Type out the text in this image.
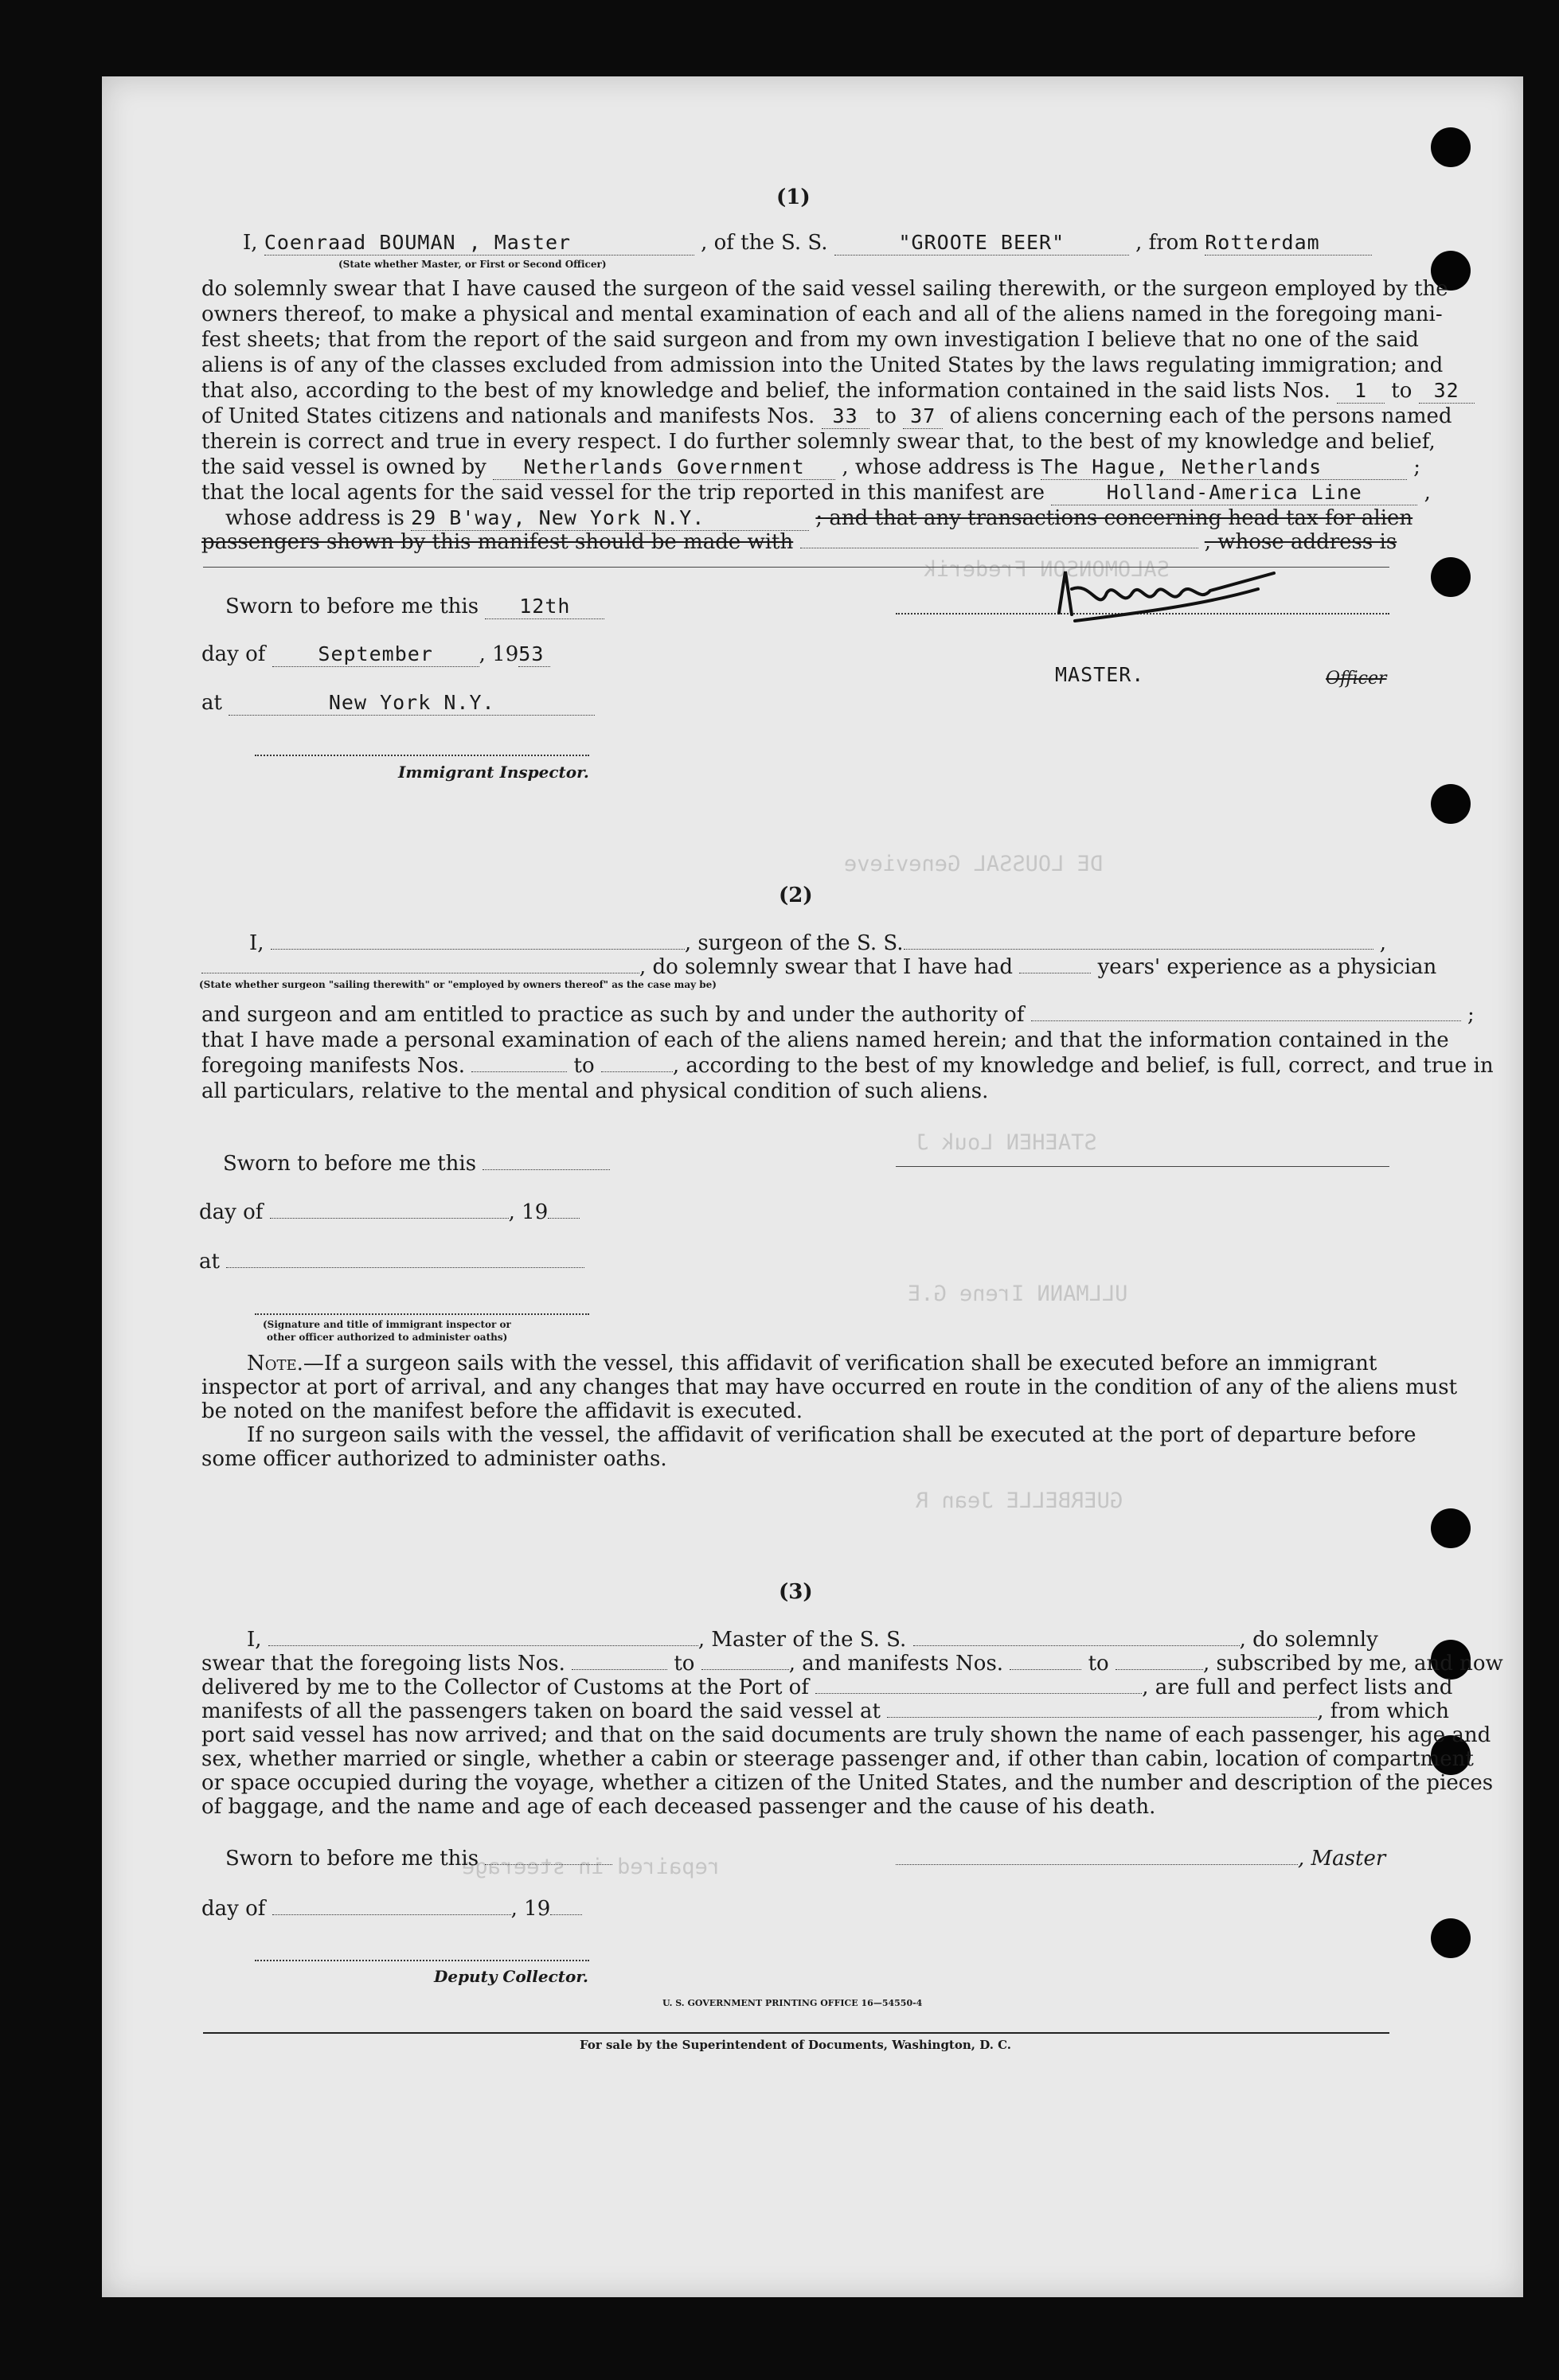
SALOMONSON Frederik
DE LOUSSAL Genevieve
STAEHEN Louk J
ULLMANN Irene G.E
GUERBELLE Jean R
repaired in steerage
(1)
I, Coenraad BOUMAN , Master	, of the S. S.	"GROOTE BEER"	, from Rotterdam
(State whether Master, or First or Second Officer)
do solemnly swear that I have caused the surgeon of the said vessel sailing therewith, or the surgeon employed by the
owners thereof, to make a physical and mental examination of each and all of the aliens named in the foregoing mani-
fest sheets; that from the report of the said surgeon and from my own investigation I believe that no one of the said
aliens is of any of the classes excluded from admission into the United States by the laws regulating immigration; and
that also, according to the best of my knowledge and belief, the information contained in the said lists Nos. 1 to 32
of United States citizens and nationals and manifests Nos. 33 to 37 of aliens concerning each of the persons named
therein is correct and true in every respect. I do further solemnly swear that, to the best of my knowledge and belief,
the said vessel is owned by Netherlands Government , whose address is The Hague, Netherlands	;
that the local agents for the said vessel for the trip reported in this manifest are	Holland-America Line	,
whose address is 29 B'way, New York N.Y.	; and that any transactions concerning head tax for alien
passengers shown by this manifest should be made with	, whose address is
Sworn to before me this 12th
day of	September , 1953
at	New York N.Y.
Immigrant Inspector.
MASTER.	Officer
(2)
I,	, surgeon of the S. S.	,
, do solemnly swear that I have had	years' experience as a physician
(State whether surgeon "sailing therewith" or "employed by owners thereof" as the case may be)
and surgeon and am entitled to practice as such by and under the authority of	;
that I have made a personal examination of each of the aliens named herein; and that the information contained in the
foregoing manifests Nos.	to	, according to the best of my knowledge and belief, is full, correct, and true in
all particulars, relative to the mental and physical condition of such aliens.
Sworn to before me this
day of	, 19
at
(Signature and title of immigrant inspector or
other officer authorized to administer oaths)
Note.—If a surgeon sails with the vessel, this affidavit of verification shall be executed before an immigrant
inspector at port of arrival, and any changes that may have occurred en route in the condition of any of the aliens must
be noted on the manifest before the affidavit is executed.
If no surgeon sails with the vessel, the affidavit of verification shall be executed at the port of departure before
some officer authorized to administer oaths.
(3)
I,	, Master of the S. S.	, do solemnly
swear that the foregoing lists Nos.	to	, and manifests Nos.	to	, subscribed by me, and now
delivered by me to the Collector of Customs at the Port of	, are full and perfect lists and
manifests of all the passengers taken on board the said vessel at	, from which
port said vessel has now arrived; and that on the said documents are truly shown the name of each passenger, his age and
sex, whether married or single, whether a cabin or steerage passenger and, if other than cabin, location of compartment
or space occupied during the voyage, whether a citizen of the United States, and the number and description of the pieces
of baggage, and the name and age of each deceased passenger and the cause of his death.
Sworn to before me this	, Master
day of	, 19
Deputy Collector.
U. S. GOVERNMENT PRINTING OFFICE 16—54550-4
For sale by the Superintendent of Documents, Washington, D. C.
